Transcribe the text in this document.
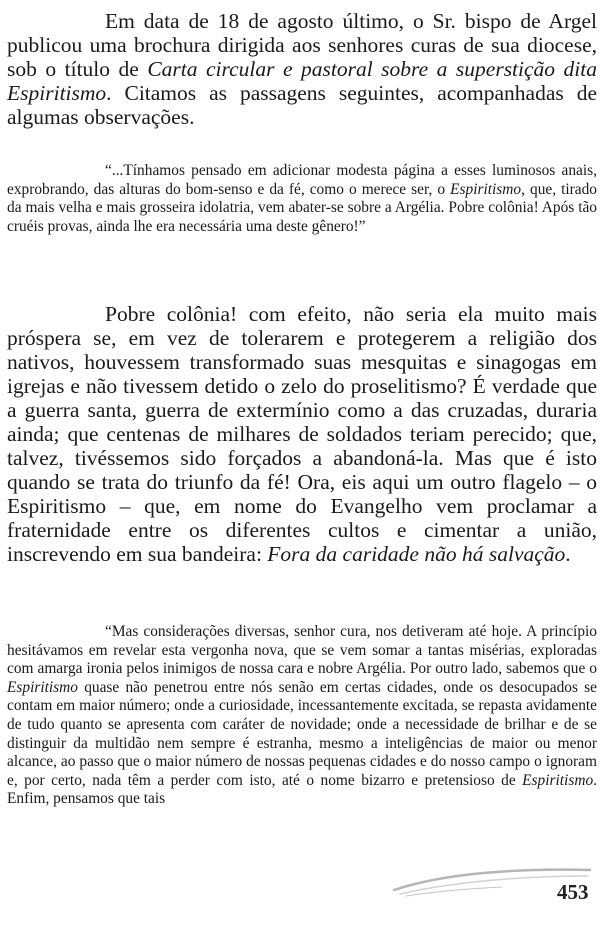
Em data de 18 de agosto último, o Sr. bispo de Argel publicou uma brochura dirigida aos senhores curas de sua diocese, sob o título de Carta circular e pastoral sobre a superstição dita Espiritismo. Citamos as passagens seguintes, acompanhadas de algumas observações.

“...Tínhamos pensado em adicionar modesta página a esses luminosos anais, exprobrando, das alturas do bom-senso e da fé, como o merece ser, o Espiritismo, que, tirado da mais velha e mais grosseira idolatria, vem abater-se sobre a Argélia. Pobre colônia! Após tão cruéis provas, ainda lhe era necessária uma deste gênero!”

Pobre colônia! com efeito, não seria ela muito mais próspera se, em vez de tolerarem e protegerem a religião dos nativos, houvessem transformado suas mesquitas e sinagogas em igrejas e não tivessem detido o zelo do proselitismo? É verdade que a guerra santa, guerra de extermínio como a das cruzadas, duraria ainda; que centenas de milhares de soldados teriam perecido; que, talvez, tivéssemos sido forçados a abandoná-la. Mas que é isto quando se trata do triunfo da fé! Ora, eis aqui um outro flagelo – o Espiritismo – que, em nome do Evangelho vem proclamar a fraternidade entre os diferentes cultos e cimentar a união, inscrevendo em sua bandeira: Fora da caridade não há salvação.

“Mas considerações diversas, senhor cura, nos detiveram até hoje. A princípio hesitávamos em revelar esta vergonha nova, que se vem somar a tantas misérias, exploradas com amarga ironia pelos inimigos de nossa cara e nobre Argélia. Por outro lado, sabemos que o Espiritismo quase não penetrou entre nós senão em certas cidades, onde os desocupados se contam em maior número; onde a curiosidade, incessantemente excitada, se repasta avidamente de tudo quanto se apresenta com caráter de novidade; onde a necessidade de brilhar e de se distinguir da multidão nem sempre é estranha, mesmo a inteligências de maior ou menor alcance, ao passo que o maior número de nossas pequenas cidades e do nosso campo o ignoram e, por certo, nada têm a perder com isto, até o nome bizarro e pretensioso de Espiritismo. Enfim, pensamos que tais

453
